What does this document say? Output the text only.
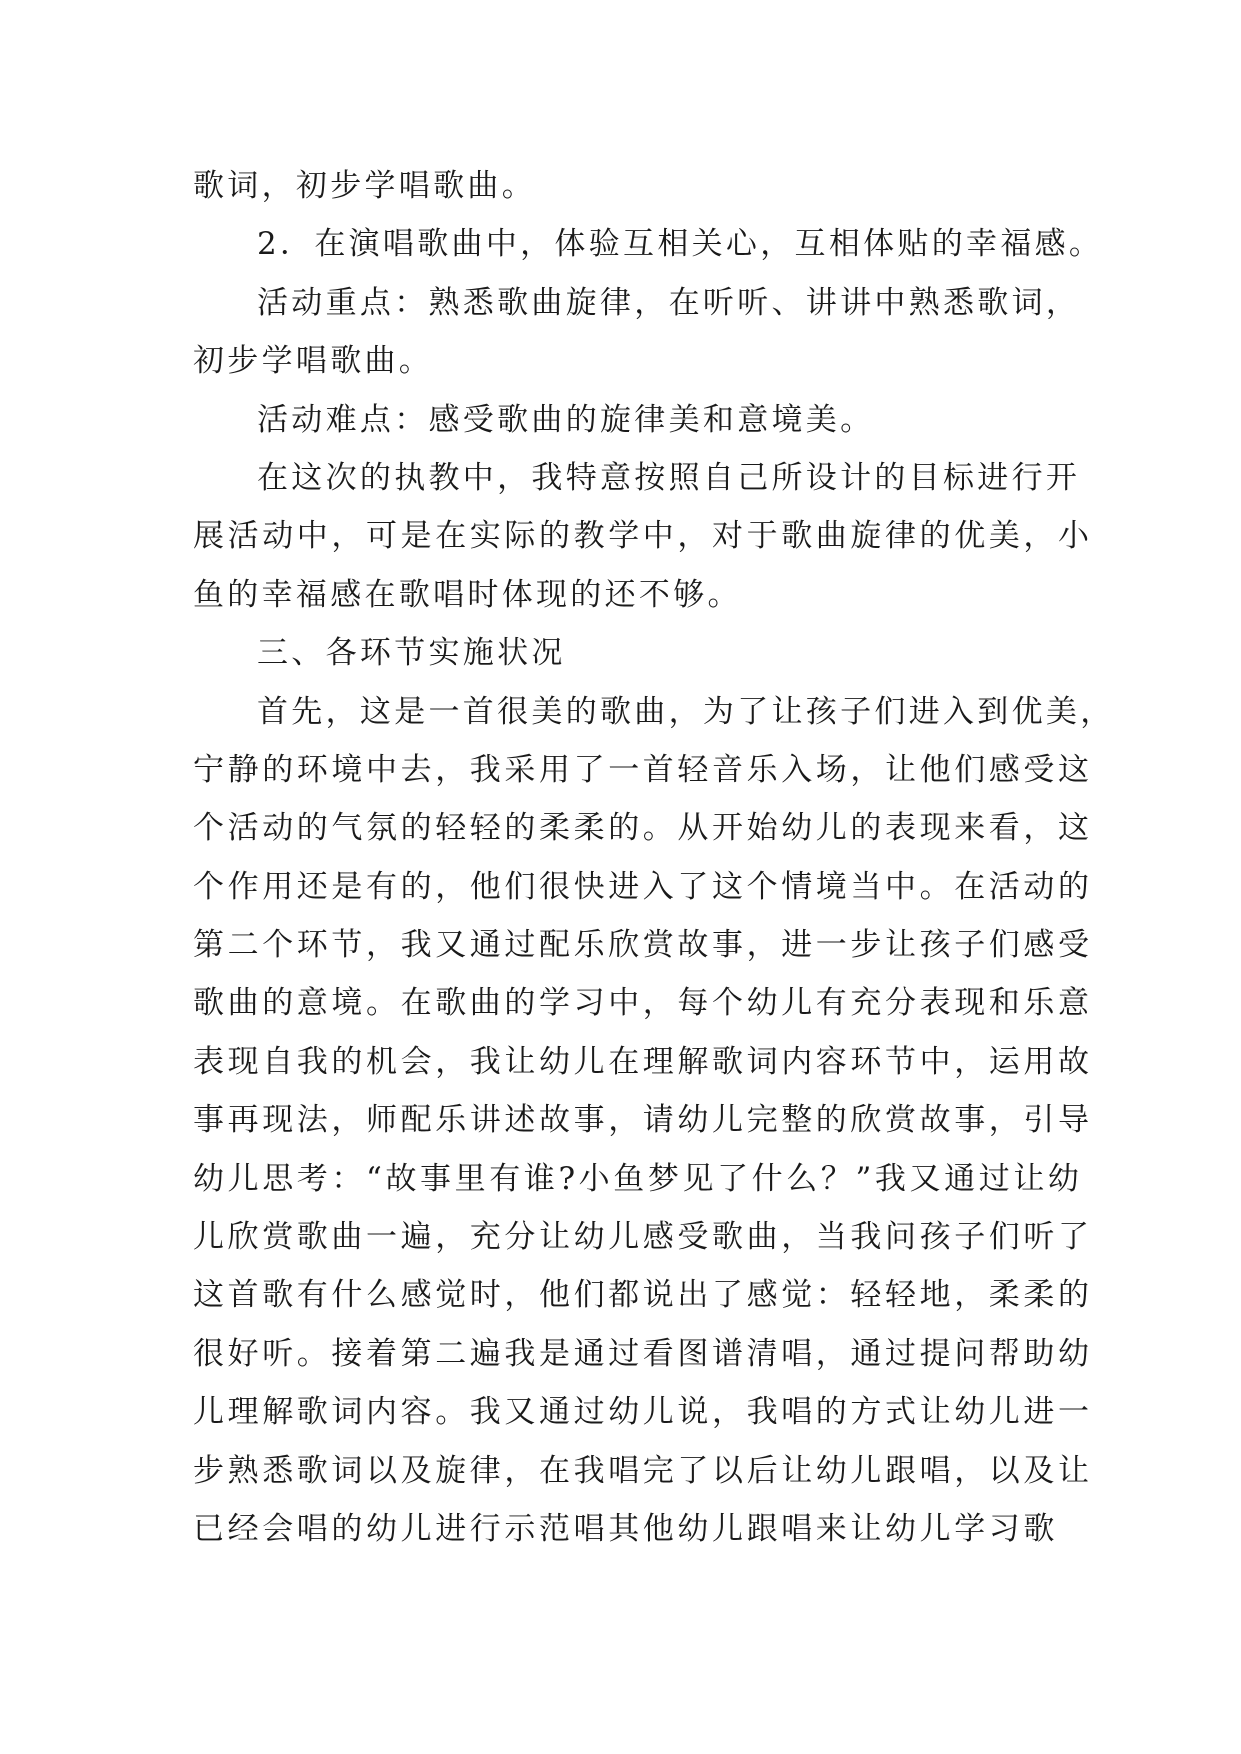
歌词，初步学唱歌曲。
2．在演唱歌曲中，体验互相关心，互相体贴的幸福感。
活动重点：熟悉歌曲旋律，在听听、讲讲中熟悉歌词，
初步学唱歌曲。
活动难点：感受歌曲的旋律美和意境美。
在这次的执教中，我特意按照自己所设计的目标进行开
展活动中，可是在实际的教学中，对于歌曲旋律的优美，小
鱼的幸福感在歌唱时体现的还不够。
三、各环节实施状况
首先，这是一首很美的歌曲，为了让孩子们进入到优美，
宁静的环境中去，我采用了一首轻音乐入场，让他们感受这
个活动的气氛的轻轻的柔柔的。从开始幼儿的表现来看，这
个作用还是有的，他们很快进入了这个情境当中。在活动的
第二个环节，我又通过配乐欣赏故事，进一步让孩子们感受
歌曲的意境。在歌曲的学习中，每个幼儿有充分表现和乐意
表现自我的机会，我让幼儿在理解歌词内容环节中，运用故
事再现法，师配乐讲述故事，请幼儿完整的欣赏故事，引导
幼儿思考：“故事里有谁?小鱼梦见了什么？”我又通过让幼
儿欣赏歌曲一遍，充分让幼儿感受歌曲，当我问孩子们听了
这首歌有什么感觉时，他们都说出了感觉：轻轻地，柔柔的
很好听。接着第二遍我是通过看图谱清唱，通过提问帮助幼
儿理解歌词内容。我又通过幼儿说，我唱的方式让幼儿进一
步熟悉歌词以及旋律，在我唱完了以后让幼儿跟唱，以及让
已经会唱的幼儿进行示范唱其他幼儿跟唱来让幼儿学习歌
